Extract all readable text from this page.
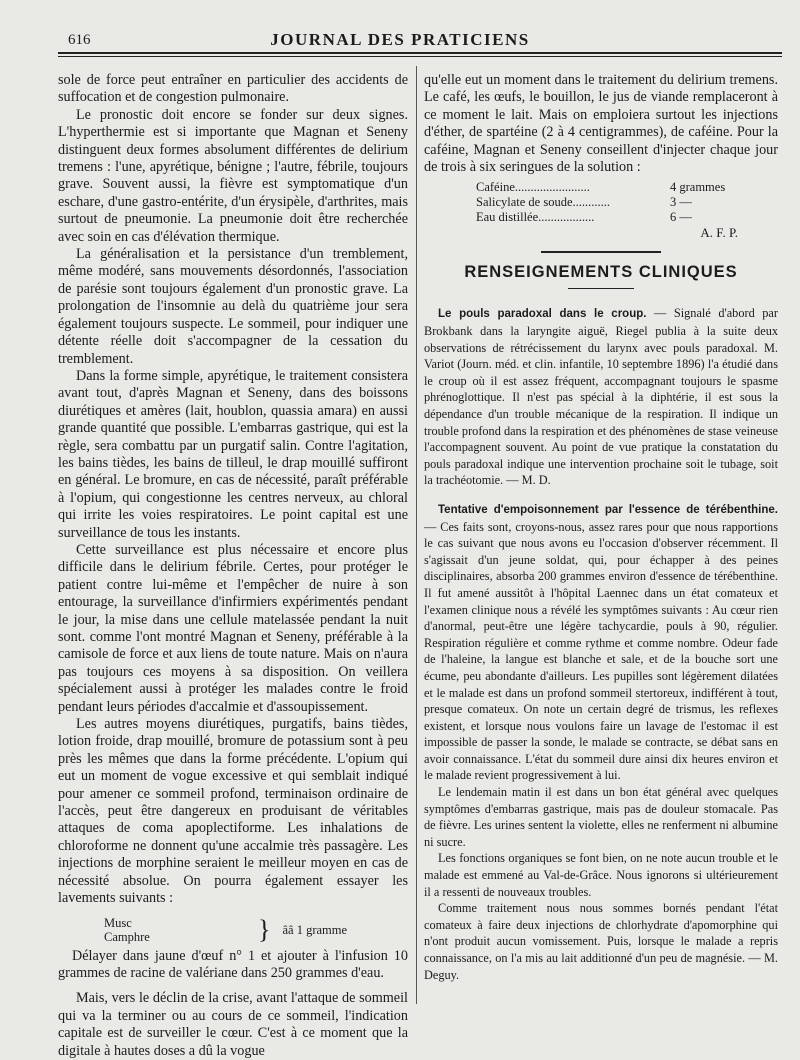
616	JOURNAL DES PRATICIENS

sole de force peut entraîner en particulier des accidents de suffocation et de congestion pulmonaire.

Le pronostic doit encore se fonder sur deux signes. L'hyperthermie est si importante que Magnan et Seneny distinguent deux formes absolument différentes de delirium tremens : l'une, apyrétique, bénigne ; l'autre, fébrile, toujours grave. Souvent aussi, la fièvre est symptomatique d'un eschare, d'une gastro-entérite, d'un érysipèle, d'arthrites, mais surtout de pneumonie. La pneumonie doit être recherchée avec soin en cas d'élévation thermique.

La généralisation et la persistance d'un tremblement, même modéré, sans mouvements désordonnés, l'association de parésie sont toujours également d'un pronostic grave. La prolongation de l'insomnie au delà du quatrième jour sera également toujours suspecte. Le sommeil, pour indiquer une détente réelle doit s'accompagner de la cessation du tremblement.

Dans la forme simple, apyrétique, le traitement consistera avant tout, d'après Magnan et Seneny, dans des boissons diurétiques et amères (lait, houblon, quassia amara) en aussi grande quantité que possible. L'embarras gastrique, qui est la règle, sera combattu par un purgatif salin. Contre l'agitation, les bains tièdes, les bains de tilleul, le drap mouillé suffiront en général. Le bromure, en cas de nécessité, paraît préférable à l'opium, qui congestionne les centres nerveux, au chloral qui irrite les voies respiratoires. Le point capital est une surveillance de tous les instants.

Cette surveillance est plus nécessaire et encore plus difficile dans le delirium fébrile. Certes, pour protéger le patient contre lui-même et l'empêcher de nuire à son entourage, la surveillance d'infirmiers expérimentés pendant le jour, la mise dans une cellule matelassée pendant la nuit sont. comme l'ont montré Magnan et Seneny, préférable à la camisole de force et aux liens de toute nature. Mais on n'aura pas toujours ces moyens à sa disposition. On veillera spécialement aussi à protéger les malades contre le froid pendant leurs périodes d'accalmie et d'assoupissement.

Les autres moyens diurétiques, purgatifs, bains tièdes, lotion froide, drap mouillé, bromure de potassium sont à peu près les mêmes que dans la forme précédente. L'opium qui eut un moment de vogue excessive et qui semblait indiqué pour amener ce sommeil profond, terminaison ordinaire de l'accès, peut être dangereux en produisant de véritables attaques de coma apoplectiforme. Les inhalations de chloroforme ne donnent qu'une accalmie très passagère. Les injections de morphine seraient le meilleur moyen en cas de nécessité absolue. On pourra également essayer les lavements suivants :

Musc
Camphre	} ââ 1 gramme

Délayer dans jaune d'œuf n° 1 et ajouter à l'infusion 10 grammes de racine de valériane dans 250 grammes d'eau.

Mais, vers le déclin de la crise, avant l'attaque de sommeil qui va la terminer ou au cours de ce sommeil, l'indication capitale est de surveiller le cœur. C'est à ce moment que la digitale à hautes doses a dû la vogue

qu'elle eut un moment dans le traitement du delirium tremens. Le café, les œufs, le bouillon, le jus de viande remplaceront à ce moment le lait. Mais on emploiera surtout les injections d'éther, de spartéine (2 à 4 centigrammes), de caféine. Pour la caféine, Magnan et Seneny conseillent d'injecter chaque jour de trois à six seringues de la solution :

Caféine........................	4 grammes
Salicylate de soude............	3 —
Eau distillée..................	6 —
A. F. P.
RENSEIGNEMENTS CLINIQUES

Le pouls paradoxal dans le croup. — Signalé d'abord par Brokbank dans la laryngite aiguë, Riegel publia à la suite deux observations de rétrécissement du larynx avec pouls paradoxal. M. Variot (Journ. méd. et clin. infantile, 10 septembre 1896) l'a étudié dans le croup où il est assez fréquent, accompagnant toujours le spasme phrénoglottique. Il n'est pas spécial à la diphtérie, il est sous la dépendance d'un trouble mécanique de la respiration. Il indique un trouble profond dans la respiration et des phénomènes de stase veineuse l'accompagnent souvent. Au point de vue pratique la constatation du pouls paradoxal indique une intervention prochaine soit le tubage, soit la trachéotomie. — M. D.

Tentative d'empoisonnement par l'essence de térébenthine. — Ces faits sont, croyons-nous, assez rares pour que nous rapportions le cas suivant que nous avons eu l'occasion d'observer récemment. Il s'agissait d'un jeune soldat, qui, pour échapper à des peines disciplinaires, absorba 200 grammes environ d'essence de térébenthine. Il fut amené aussitôt à l'hôpital Laennec dans un état comateux et l'examen clinique nous a révélé les symptômes suivants : Au cœur rien d'anormal, peut-être une légère tachycardie, pouls à 90, régulier. Respiration régulière et comme rythme et comme nombre. Odeur fade de l'haleine, la langue est blanche et sale, et de la bouche sort une écume, peu abondante d'ailleurs. Les pupilles sont légèrement dilatées et le malade est dans un profond sommeil stertoreux, indifférent à tout, presque comateux. On note un certain degré de trismus, les reflexes existent, et lorsque nous voulons faire un lavage de l'estomac il est impossible de passer la sonde, le malade se contracte, se débat sans en avoir connaissance. L'état du sommeil dure ainsi dix heures environ et le malade revient progressivement à lui.

Le lendemain matin il est dans un bon état général avec quelques symptômes d'embarras gastrique, mais pas de douleur stomacale. Pas de fièvre. Les urines sentent la violette, elles ne renferment ni albumine ni sucre.

Les fonctions organiques se font bien, on ne note aucun trouble et le malade est emmené au Val-de-Grâce. Nous ignorons si ultérieurement il a ressenti de nouveaux troubles.

Comme traitement nous nous sommes bornés pendant l'état comateux à faire deux injections de chlorhydrate d'apomorphine qui n'ont produit aucun vomissement. Puis, lorsque le malade a repris connaissance, on l'a mis au lait additionné d'un peu de magnésie. — M. Deguy.
